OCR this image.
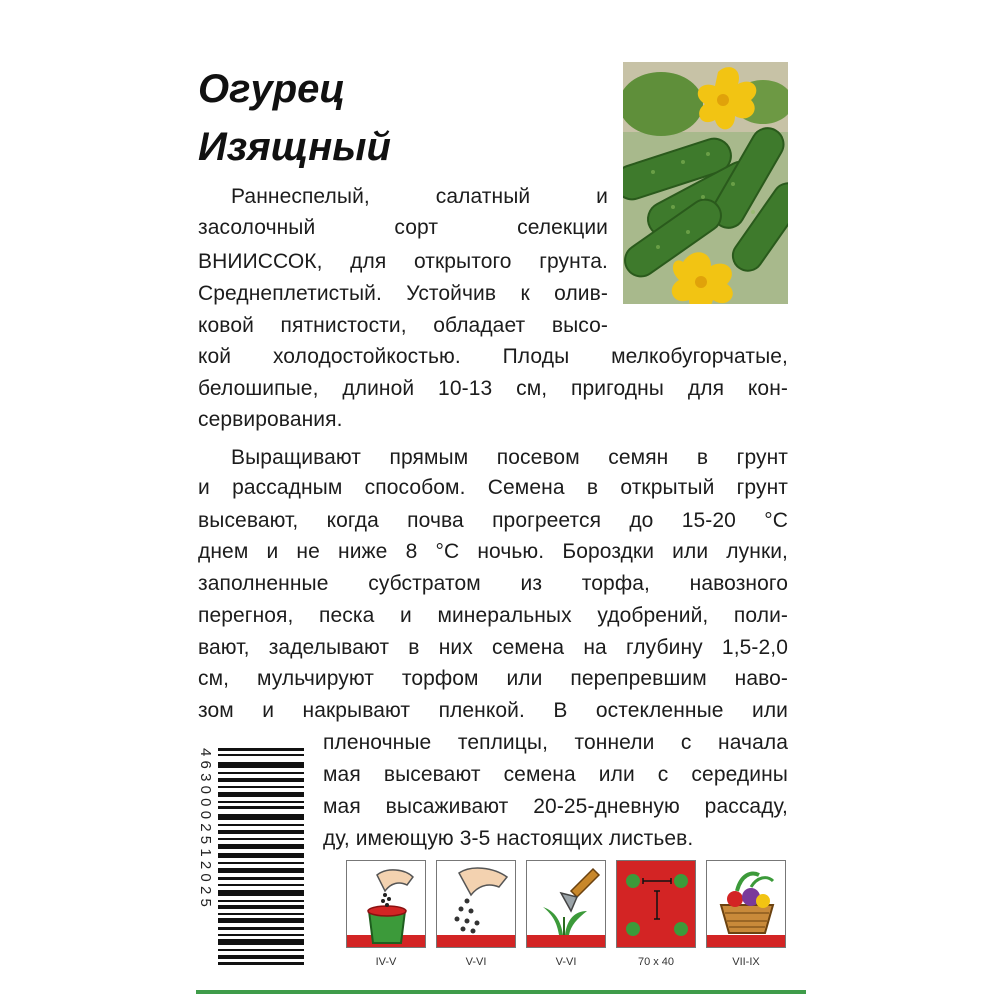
Огурец
Изящный
Раннеспелый, салатный и
засолочный сорт селекции
ВНИИССОК, для открытого грунта.
Среднеплетистый. Устойчив к олив-
ковой пятнистости, обладает высо-
кой холодостойкостью. Плоды мелкобугорчатые,
белошипые, длиной 10-13 см, пригодны для кон-
сервирования.
Выращивают прямым посевом семян в грунт
и рассадным способом. Семена в открытый грунт
высевают, когда почва прогреется до 15-20 °С
днем и не ниже 8 °С ночью. Бороздки или лунки,
заполненные субстратом из торфа, навозного
перегноя, песка и минеральных удобрений, поли-
вают, заделывают в них семена на глубину 1,5-2,0
см, мульчируют торфом или перепревшим наво-
зом и накрывают пленкой. В остекленные или
пленочные теплицы, тоннели с начала
мая высевают семена или с середины
мая высаживают 20-25-дневную рассаду,
ду, имеющую 3-5 настоящих листьев.
4630002512025
IV-V	V-VI	V-VI	70 x 40	VII-IX
